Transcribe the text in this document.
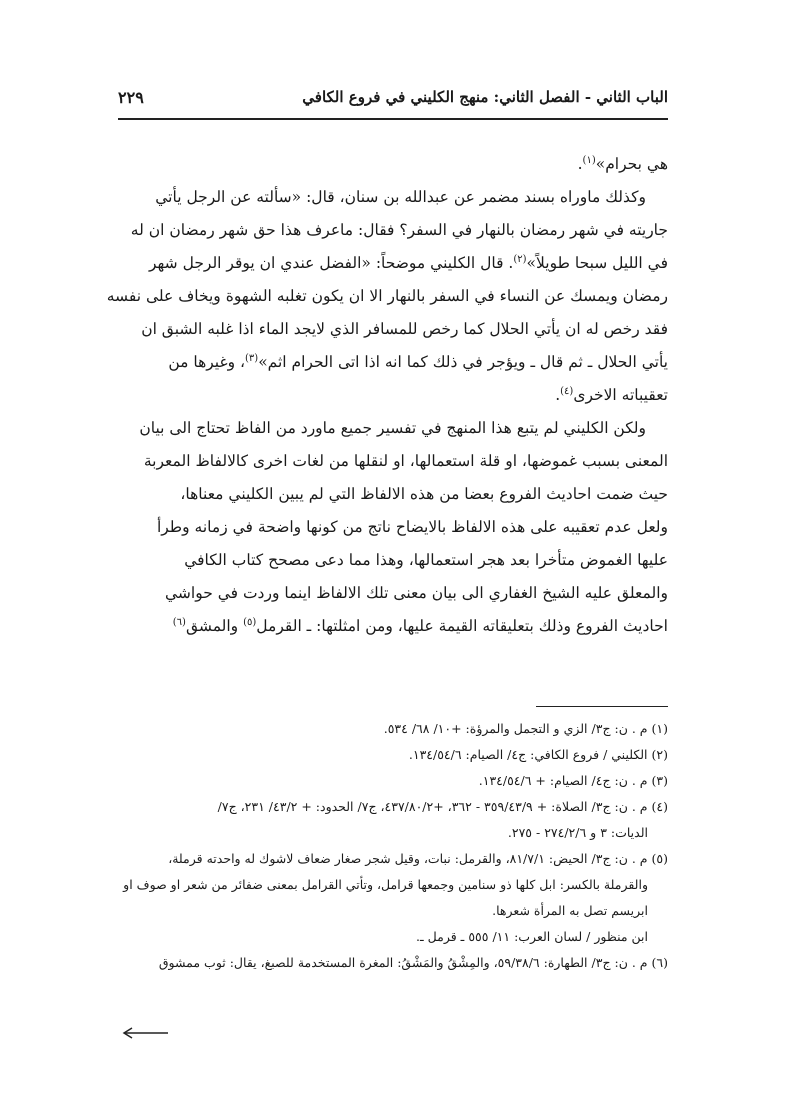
الباب الثاني - الفصل الثاني: منهج الكليني في فروع الكافي
٢٢٩
هي بحرام»$^{(١)}$.
وكذلك ماوراه بسند مضمر عن عبدالله بن سنان، قال: «سألته عن الرجل يأتي
جاريته في شهر رمضان بالنهار في السفر؟ فقال: ماعرف هذا حق شهر رمضان ان له
في الليل سبحا طويلاً»$^{(٢)}$. قال الكليني موضحاً: «الفضل عندي ان يوقر الرجل شهر
رمضان ويمسك عن النساء في السفر بالنهار الا ان يكون تغلبه الشهوة ويخاف على نفسه
فقد رخص له ان يأتي الحلال كما رخص للمسافر الذي لايجد الماء اذا غلبه الشبق ان
يأتي الحلال ـ ثم قال ـ ويؤجر في ذلك كما انه اذا اتى الحرام اثم»$^{(٣)}$، وغيرها من
تعقيباته الاخرى$^{(٤)}$.
ولكن الكليني لم يتبع هذا المنهج في تفسير جميع ماورد من الفاظ تحتاج الى بيان
المعنى بسبب غموضها، او قلة استعمالها، او لنقلها من لغات اخرى كالالفاظ المعربة
حيث ضمت احاديث الفروع بعضا من هذه الالفاظ التي لم يبين الكليني معناها،
ولعل عدم تعقيبه على هذه الالفاظ بالايضاح ناتج من كونها واضحة في زمانه وطرأ
عليها الغموض متأخرا بعد هجر استعمالها، وهذا مما دعى مصحح كتاب الكافي
والمعلق عليه الشيخ الغفاري الى بيان معنى تلك الالفاظ اينما وردت في حواشي
احاديث الفروع وذلك بتعليقاته القيمة عليها، ومن امثلتها: ـ القرمل$^{(٥)}$ والمشق$^{(٦)}$
(١) م . ن: ج٣/ الزي و التجمل والمرؤة: +١٠/ ٦٨/ ٥٣٤.
(٢) الكليني / فروع الكافي: ج٤/ الصيام: ١٣٤/٥٤/٦.
(٣) م . ن: ج٤/ الصيام: + ١٣٤/٥٤/٦.
(٤) م . ن: ج٣/ الصلاة: + ٣٥٩/٤٣/٩ - ٣٦٢، +٤٣٧/٨٠/٢، ج٧/ الحدود: + ٤٣/٢/ ٢٣١، ج٧/
الديات: ٣ و ٢٧٤/٢/٦ - ٢٧٥.
(٥) م . ن: ج٣/ الحيض: ٨١/٧/١، والقرمل: نبات، وقيل شجر صغار ضعاف لاشوك له واحدته قرملة،
والقرملة بالكسر: ابل كلها ذو سنامين وجمعها قرامل، وتأتي القرامل بمعنى ضفائر من شعر او صوف او
ابريسم تصل به المرأة شعرها.
ابن منظور / لسان العرب: ١١/ ٥٥٥ ـ قرمل ـ.
(٦) م . ن: ج٣/ الطهارة: ٥٩/٣٨/٦، والمِشْقُ والمَشْقُ: المغرة المستخدمة للصبغ، يقال: ثوب ممشوق
